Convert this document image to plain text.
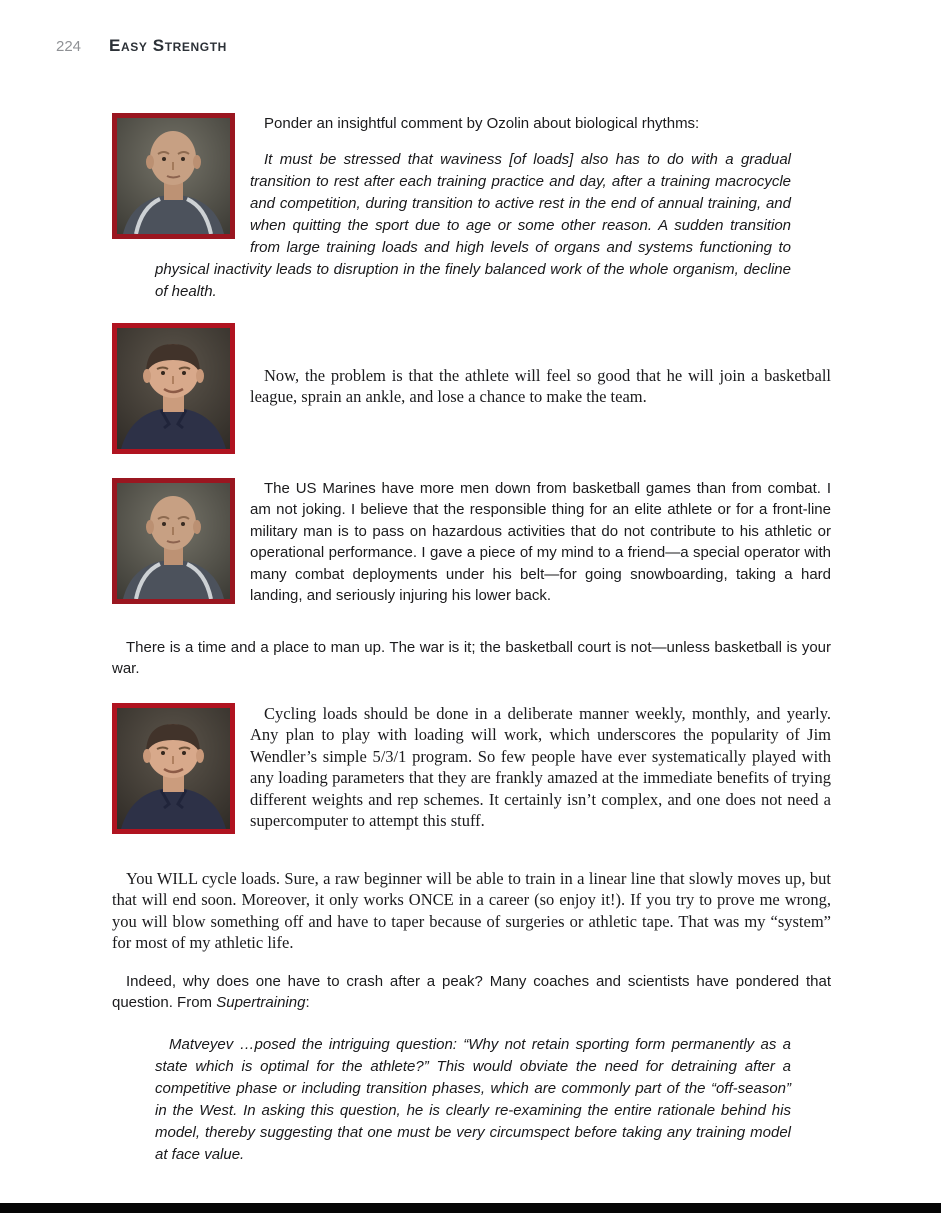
224 Easy Strength

Ponder an insightful comment by Ozolin about biological rhythms:

It must be stressed that waviness [of loads] also has to do with a gradual transition to rest after each training practice and day, after a training macrocycle and competition, during transition to active rest in the end of annual training, and when quitting the sport due to age or some other reason. A sudden transition from large training loads and high levels of organs and systems functioning to physical inactivity leads to disruption in the finely balanced work of the whole organism, decline of health.

Now, the problem is that the athlete will feel so good that he will join a basketball league, sprain an ankle, and lose a chance to make the team.

The US Marines have more men down from basketball games than from combat. I am not joking. I believe that the responsible thing for an elite athlete or for a front-line military man is to pass on hazardous activities that do not contribute to his athletic or operational performance. I gave a piece of my mind to a friend—a special operator with many combat deployments under his belt—for going snowboarding, taking a hard landing, and seriously injuring his lower back.

There is a time and a place to man up. The war is it; the basketball court is not—unless basketball is your war.

Cycling loads should be done in a deliberate manner weekly, monthly, and yearly. Any plan to play with loading will work, which underscores the popularity of Jim Wendler’s simple 5/3/1 program. So few people have ever systematically played with any loading parameters that they are frankly amazed at the immediate benefits of trying different weights and rep schemes. It certainly isn’t complex, and one does not need a supercomputer to attempt this stuff.

You WILL cycle loads. Sure, a raw beginner will be able to train in a linear line that slowly moves up, but that will end soon. Moreover, it only works ONCE in a career (so enjoy it!). If you try to prove me wrong, you will blow something off and have to taper because of surgeries or athletic tape. That was my “system” for most of my athletic life.

Indeed, why does one have to crash after a peak? Many coaches and scientists have pondered that question. From Supertraining:

Matveyev …posed the intriguing question: “Why not retain sporting form permanently as a state which is optimal for the athlete?” This would obviate the need for detraining after a competitive phase or including transition phases, which are commonly part of the “off-season” in the West. In asking this question, he is clearly re-examining the entire rationale behind his model, thereby suggesting that one must be very circumspect before taking any training model at face value.
